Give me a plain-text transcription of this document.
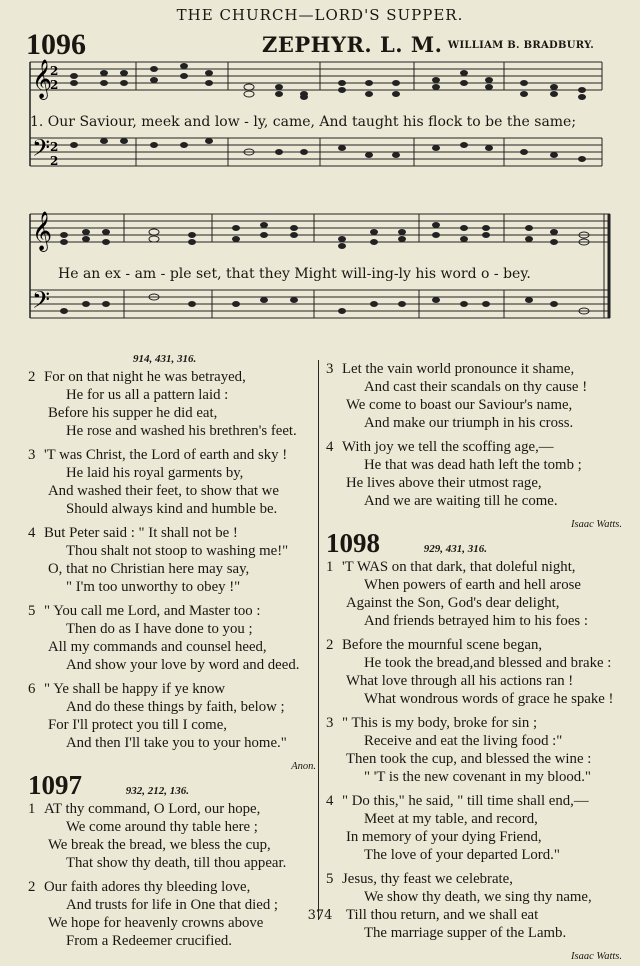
THE CHURCH—LORD'S SUPPER.
1096	ZEPHYR. L. M. WILLIAM B. BRADBURY.
𝄞
𝄢
2
2
2
2
1. Our Saviour, meek and low - ly, came, And taught his flock to be the same;
𝄞
𝄢
He an ex - am - ple set, that they Might will-ing-ly his word o - bey.
914, 431, 316.
2 For on that night he was betrayed,
He for us all a pattern laid :
Before his supper he did eat,
He rose and washed his brethren's feet.
3 'T was Christ, the Lord of earth and sky !
He laid his royal garments by,
And washed their feet, to show that we
Should always kind and humble be.
4 But Peter said : " It shall not be !
Thou shalt not stoop to washing me!"
O, that no Christian here may say,
" I'm too unworthy to obey !"
5 " You call me Lord, and Master too :
Then do as I have done to you ;
All my commands and counsel heed,
And show your love by word and deed.
6 " Ye shall be happy if ye know
And do these things by faith, below ;
For I'll protect you till I come,
And then I'll take you to your home."
Anon.
1097	932, 212, 136.
1 AT thy command, O Lord, our hope,
We come around thy table here ;
We break the bread, we bless the cup,
That show thy death, till thou appear.
2 Our faith adores thy bleeding love,
And trusts for life in One that died ;
We hope for heavenly crowns above
From a Redeemer crucified.
3 Let the vain world pronounce it shame,
And cast their scandals on thy cause !
We come to boast our Saviour's name,
And make our triumph in his cross.
4 With joy we tell the scoffing age,—
He that was dead hath left the tomb ;
He lives above their utmost rage,
And we are waiting till he come.
Isaac Watts.
1098	929, 431, 316.
1 'T WAS on that dark, that doleful night,
When powers of earth and hell arose
Against the Son, God's dear delight,
And friends betrayed him to his foes :
2 Before the mournful scene began,
He took the bread,and blessed and brake :
What love through all his actions ran !
What wondrous words of grace he spake !
3 " This is my body, broke for sin ;
Receive and eat the living food :"
Then took the cup, and blessed the wine :
" 'T is the new covenant in my blood."
4 " Do this," he said, " till time shall end,—
Meet at my table, and record,
In memory of your dying Friend,
The love of your departed Lord."
5 Jesus, thy feast we celebrate,
We show thy death, we sing thy name,
Till thou return, and we shall eat
The marriage supper of the Lamb.
Isaac Watts.
374
